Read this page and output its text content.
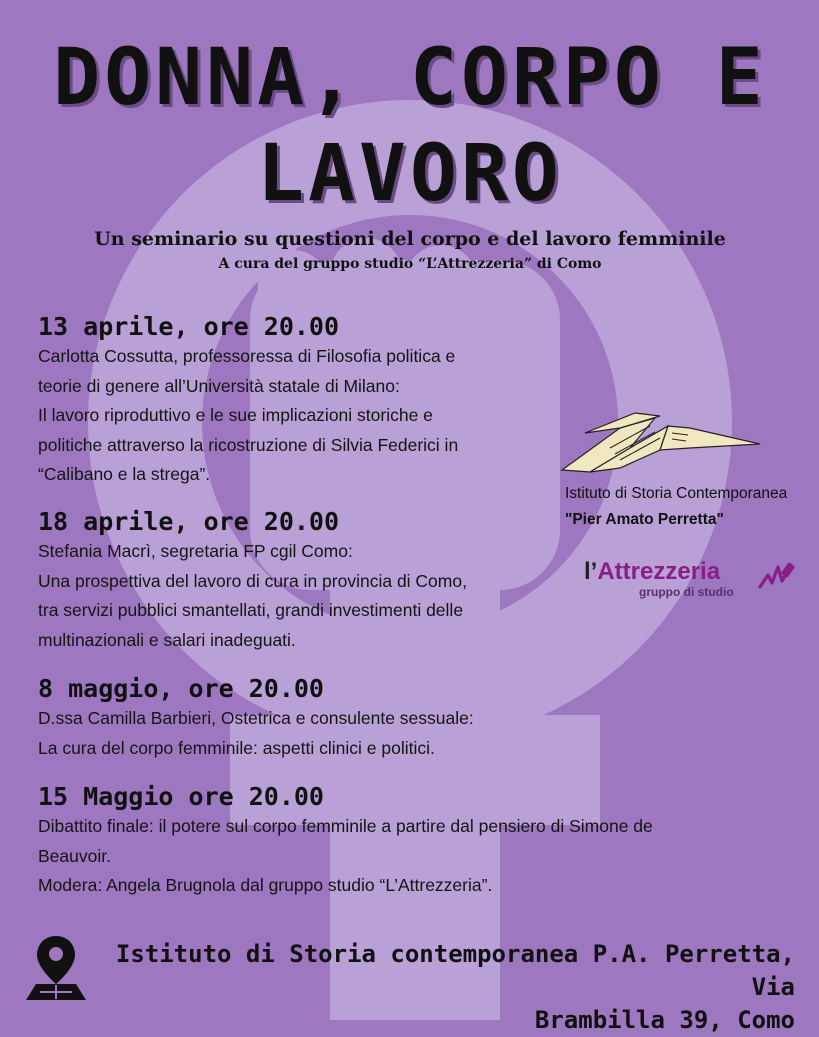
DONNA, CORPO E
LAVORO
Un seminario su questioni del corpo e del lavoro femminile
A cura del gruppo studio “L’Attrezzeria” di Como
13 aprile, ore 20.00
Carlotta Cossutta, professoressa di Filosofia politica e
teorie di genere all’Università statale di Milano:
Il lavoro riproduttivo e le sue implicazioni storiche e
politiche attraverso la ricostruzione di Silvia Federici in
“Calibano e la strega”.
18 aprile, ore 20.00
Stefania Macrì, segretaria FP cgil Como:
Una prospettiva del lavoro di cura in provincia di Como,
tra servizi pubblici smantellati, grandi investimenti delle
multinazionali e salari inadeguati.
8 maggio, ore 20.00
D.ssa Camilla Barbieri, Ostetrica e consulente sessuale:
La cura del corpo femminile: aspetti clinici e politici.
15 Maggio ore 20.00
Dibattito finale: il potere sul corpo femminile a partire dal pensiero di Simone de
Beauvoir.
Modera: Angela Brugnola dal gruppo studio “L’Attrezzeria”.
Istituto di Storia Contemporanea
"Pier Amato Perretta"
l’Attrezzeria
gruppo di studio
Istituto di Storia contemporanea P.A. Perretta, Via
Brambilla 39, Como
